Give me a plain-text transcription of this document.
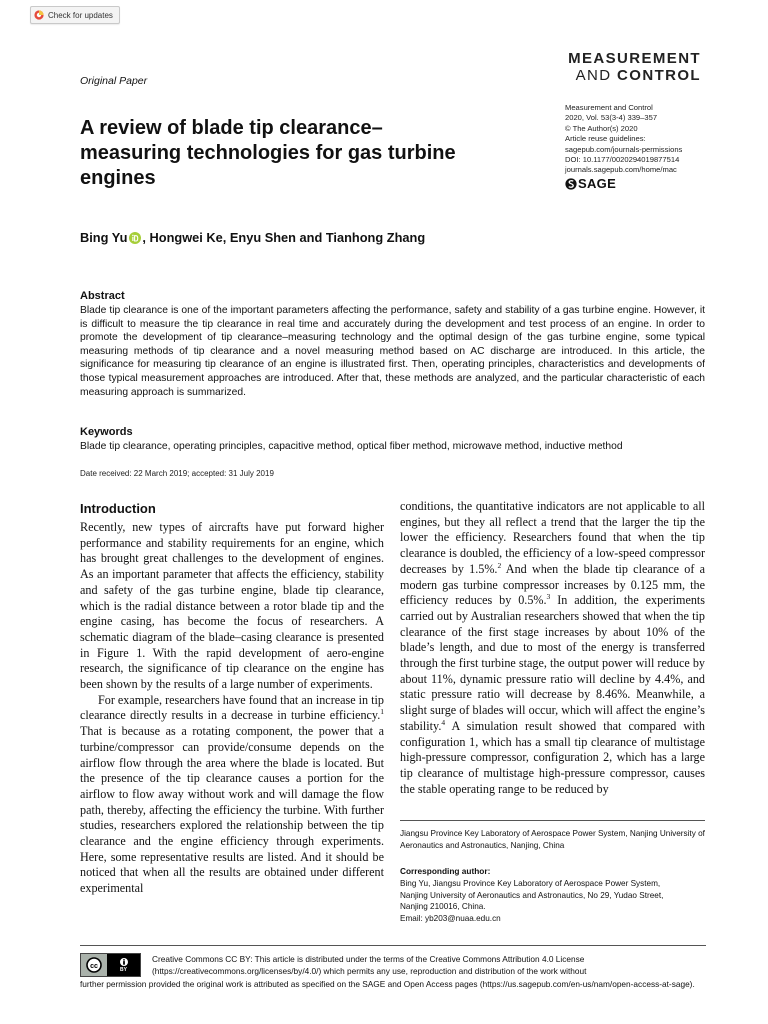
Check for updates
Original Paper
MEASUREMENT
AND CONTROL
A review of blade tip clearance–measuring technologies for gas turbine engines
Measurement and Control
2020, Vol. 53(3-4) 339–357
© The Author(s) 2020
Article reuse guidelines:
sagepub.com/journals-permissions
DOI: 10.1177/0020294019877514
journals.sagepub.com/home/mac
SAGE
Bing Yu , Hongwei Ke, Enyu Shen and Tianhong Zhang
Abstract
Blade tip clearance is one of the important parameters affecting the performance, safety and stability of a gas turbine engine. However, it is difficult to measure the tip clearance in real time and accurately during the development and test process of an engine. In order to promote the development of tip clearance–measuring technology and the optimal design of the gas turbine engine, some typical measuring methods of tip clearance and a novel measuring method based on AC discharge are introduced. In this article, the significance for measuring tip clearance of an engine is illustrated first. Then, operating principles, characteristics and developments of those typical measurement approaches are introduced. After that, these methods are analyzed, and the particular characteristic of each measuring approach is summarized.
Keywords
Blade tip clearance, operating principles, capacitive method, optical fiber method, microwave method, inductive method
Date received: 22 March 2019; accepted: 31 July 2019
Introduction

Recently, new types of aircrafts have put forward higher performance and stability requirements for an engine, which has brought great challenges to the development of engines. As an important parameter that affects the efficiency, stability and safety of the gas turbine engine, blade tip clearance, which is the radial distance between a rotor blade tip and the engine casing, has become the focus of researchers. A schematic diagram of the blade–casing clearance is presented in Figure 1. With the rapid development of aero-engine research, the significance of tip clearance on the engine has been shown by the results of a large number of experiments.

For example, researchers have found that an increase in tip clearance directly results in a decrease in turbine efficiency.$^1$ That is because as a rotating component, the power that a turbine/compressor can provide/consume depends on the airflow flow through the area where the blade is located. But the presence of the tip clearance causes a portion for the airflow to flow away without work and will damage the flow path, thereby, affecting the efficiency the turbine. With further studies, researchers explored the relationship between the tip clearance and the engine efficiency through experiments. Here, some representative results are listed. And it should be noticed that when all the results are obtained under different experimental

conditions, the quantitative indicators are not applicable to all engines, but they all reflect a trend that the larger the tip the lower the efficiency. Researchers found that when the tip clearance is doubled, the efficiency of a low-speed compressor decreases by 1.5%.$^2$ And when the blade tip clearance of a modern gas turbine compressor increases by 0.125 mm, the efficiency reduces by 0.5%.$^3$ In addition, the experiments carried out by Australian researchers showed that when the tip clearance of the first stage increases by about 10% of the blade’s length, and due to most of the energy is transferred through the first turbine stage, the output power will reduce by about 11%, dynamic pressure ratio will decline by 4.4%, and static pressure ratio will decrease by 8.46%. Meanwhile, a slight surge of blades will occur, which will affect the engine’s stability.$^4$ A simulation result showed that compared with configuration 1, which has a small tip clearance of multistage high-pressure compressor, configuration 2, which has a large tip clearance of multistage high-pressure compressor, causes the stable operating range to be reduced by

Jiangsu Province Key Laboratory of Aerospace Power System, Nanjing University of Aeronautics and Astronautics, Nanjing, China
Corresponding author:
Bing Yu, Jiangsu Province Key Laboratory of Aerospace Power System,
Nanjing University of Aeronautics and Astronautics, No 29, Yudao Street,
Nanjing 210016, China.
Email: yb203@nuaa.edu.cn
cc
BY
Creative Commons CC BY: This article is distributed under the terms of the Creative Commons Attribution 4.0 License (https://creativecommons.org/licenses/by/4.0/) which permits any use, reproduction and distribution of the work without
further permission provided the original work is attributed as specified on the SAGE and Open Access pages (https://us.sagepub.com/en-us/nam/open-access-at-sage).
